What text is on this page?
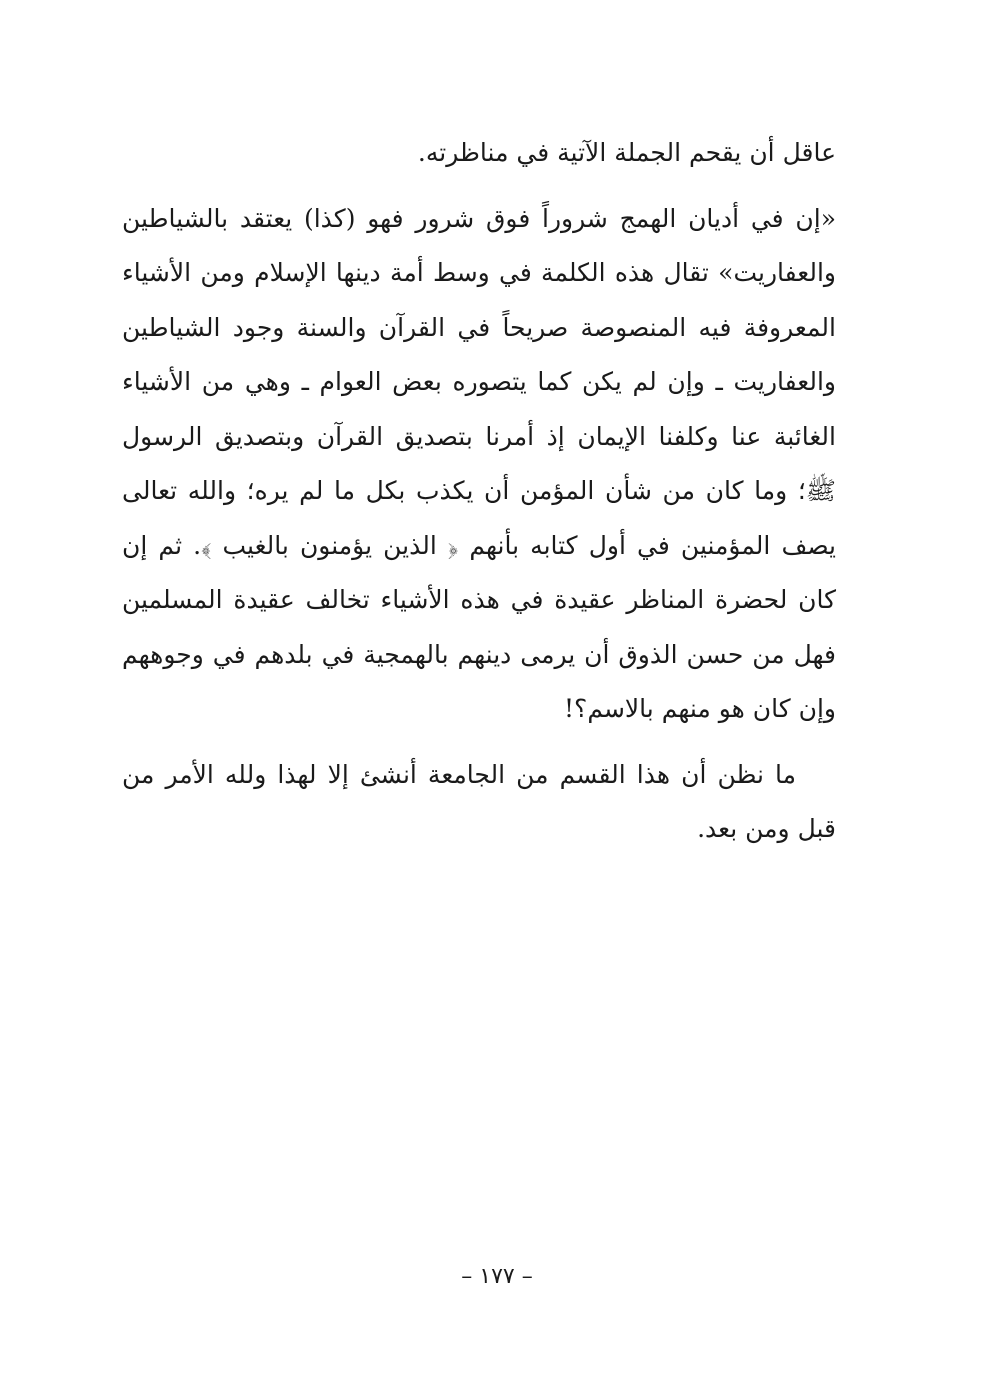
عاقل أن يقحم الجملة الآتية في مناظرته.

«إن في أديان الهمج شروراً فوق شرور فهو (كذا) يعتقد بالشياطين والعفاريت» تقال هذه الكلمة في وسط أمة دينها الإسلام ومن الأشياء المعروفة فيه المنصوصة صريحاً في القرآن والسنة وجود الشياطين والعفاريت ـ وإن لم يكن كما يتصوره بعض العوام ـ وهي من الأشياء الغائبة عنا وكلفنا الإيمان إذ أمرنا بتصديق القرآن وبتصديق الرسول ﷺ؛ وما كان من شأن المؤمن أن يكذب بكل ما لم يره؛ والله تعالى يصف المؤمنين في أول كتابه بأنهم ﴿ الذين يؤمنون بالغيب ﴾. ثم إن كان لحضرة المناظر عقيدة في هذه الأشياء تخالف عقيدة المسلمين فهل من حسن الذوق أن يرمى دينهم بالهمجية في بلدهم في وجوههم وإن كان هو منهم بالاسم؟!

ما نظن أن هذا القسم من الجامعة أنشئ إلا لهذا ولله الأمر من قبل ومن بعد.

– ١٧٧ –
